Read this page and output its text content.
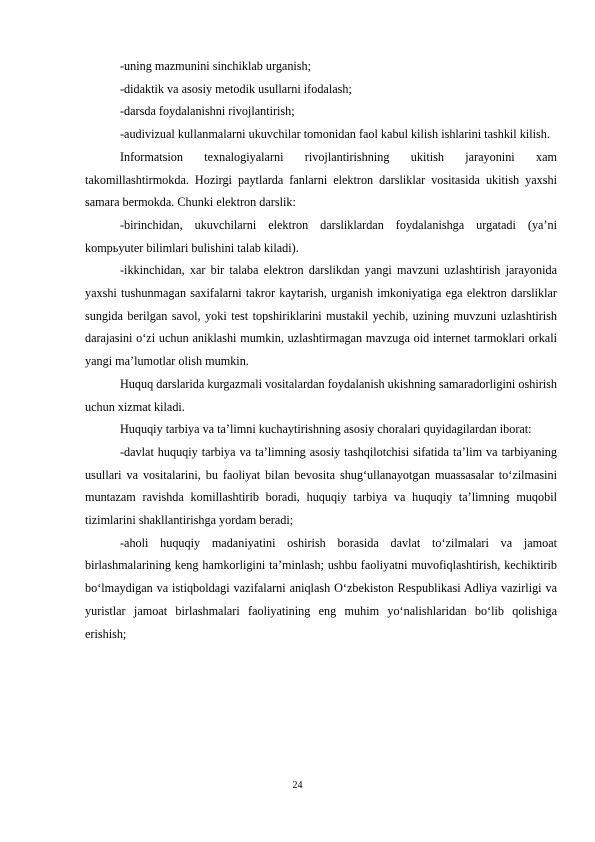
-uning mazmunini sinchiklab urganish;

-didaktik va asosiy metodik usullarni ifodalash;

-darsda foydalanishni rivojlantirish;

-audivizual kullanmalarni ukuvchilar tomonidan faol kabul kilish ishlarini tashkil kilish.

Informatsion texnalogiyalarni rivojlantirishning ukitish jarayonini xam takomillashtirmokda. Hozirgi paytlarda fanlarni elektron darsliklar vositasida ukitish yaxshi samara bermokda. Chunki elektron darslik:

-birinchidan, ukuvchilarni elektron darsliklardan foydalanishga urgatadi (ya’ni kompьyuter bilimlari bulishini talab kiladi).

-ikkinchidan, xar bir talaba elektron darslikdan yangi mavzuni uzlashtirish jarayonida yaxshi tushunmagan saxifalarni takror kaytarish, urganish imkoniyatiga ega elektron darsliklar sungida berilgan savol, yoki test topshiriklarini mustakil yechib, uzining muvzuni uzlashtirish darajasini o‘zi uchun aniklashi mumkin, uzlashtirmagan mavzuga oid internet tarmoklari orkali yangi ma’lumotlar olish mumkin.

Huquq darslarida kurgazmali vositalardan foydalanish ukishning samaradorligini oshirish uchun xizmat kiladi.

Huquqiy tarbiya va ta’limni kuchaytirishning asosiy choralari quyidagilardan iborat:

-davlat huquqiy tarbiya va ta’limning asosiy tashqilotchisi sifatida ta’lim va tarbiyaning usullari va vositalarini, bu faoliyat bilan bevosita shug‘ullanayotgan muassasalar to‘zilmasini muntazam ravishda komillashtirib boradi, huquqiy tarbiya va huquqiy ta’limning muqobil tizimlarini shakllantirishga yordam beradi;

-aholi huquqiy madaniyatini oshirish borasida davlat to‘zilmalari va jamoat birlashmalarining keng hamkorligini ta’minlash; ushbu faoliyatni muvofiqlashtirish, kechiktirib bo‘lmaydigan va istiqboldagi vazifalarni aniqlash O‘zbekiston Respublikasi Adliya vazirligi va yuristlar jamoat birlashmalari faoliyatining eng muhim yo‘nalishlaridan bo‘lib qolishiga erishish;

24
